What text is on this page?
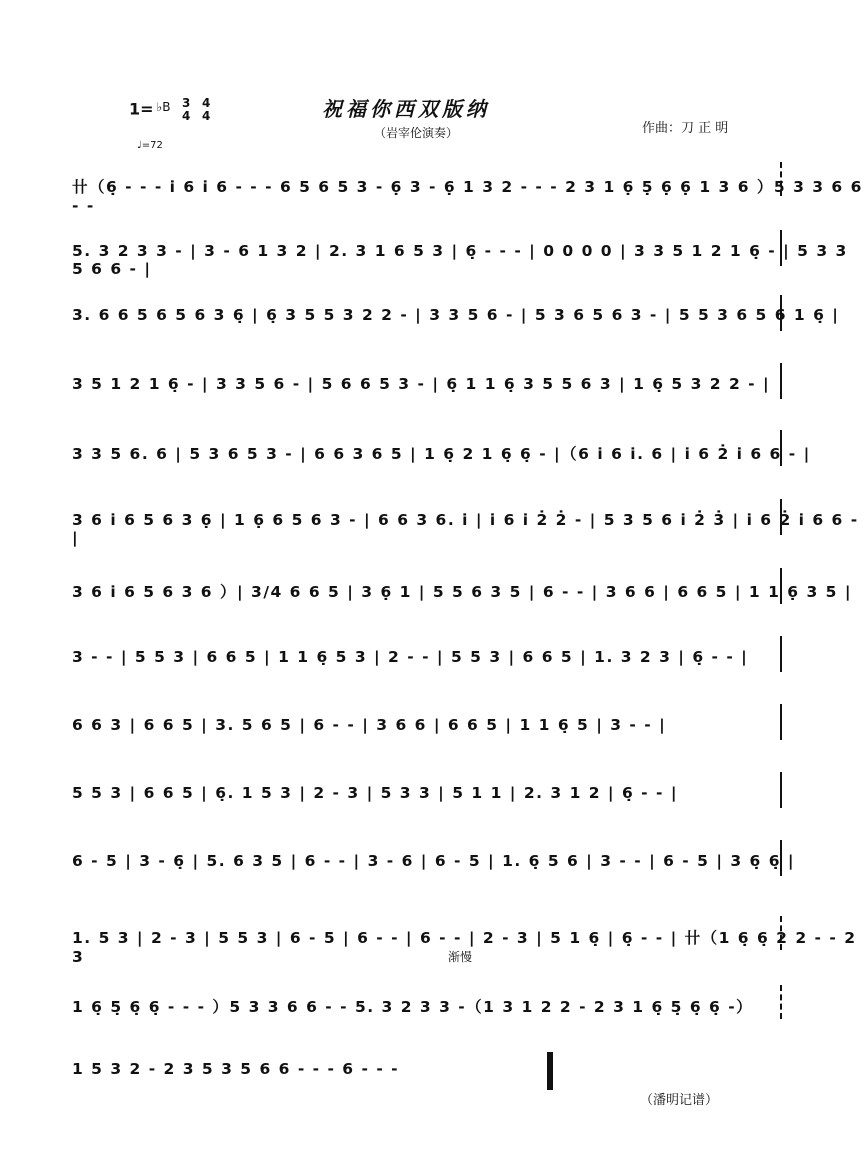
1= $^{♭B}$ 3
4

4
4
♩=72
祝福你西双版纳
（岩宰伦演奏）	作曲：刀 正 明
卄（6̣ - - - i̇ 6 i̇ 6 - - - 6 5 6 5 3 - 6̣ 3 - 6̣ 1 3 2 - - - 2 3 1 6̣ 5̣ 6̣ 6̣ 1 3 6 ）5 3 3 6 6 - -
5. 3 2 3 3 - | 3 - 6 1 3 2 | 2. 3 1 6 5 3 | 6̣ - - - | 0 0 0 0 | 3 3 5 1 2 1 6̣ - | 5 3 3 5 6 6 - |
3. 6 6 5 6 5 6 3 6̣ | 6̣ 3 5 5 3 2 2 - | 3 3 5 6 - | 5 3 6 5 6 3 - | 5 5 3 6 5 6 1 6̣ |
3 5 1 2 1 6̣ - | 3 3 5 6 - | 5 6 6 5 3 - | 6̣ 1 1 6̣ 3 5 5 6 3 | 1 6̣ 5 3 2 2 - |
3 3 5 6. 6 | 5 3 6 5 3 - | 6 6 3 6 5 | 1 6̣ 2 1 6̣ 6̣ - |（6 i̇ 6 i̇. 6 | i̇ 6 2̇ i̇ 6 6 - |
3 6 i̇ 6 5 6 3 6̣ | 1 6̣ 6 5 6 3 - | 6 6 3 6. i̇ | i̇ 6 i̇ 2̇ 2̇ - | 5 3 5 6 i̇ 2̇ 3̇ | i̇ 6 2̇ i̇ 6 6 - |
3 6 i̇ 6 5 6 3 6 ）| 3/4 6 6 5 | 3 6̣ 1 | 5 5 6 3 5 | 6 - - | 3 6 6 | 6 6 5 | 1 1 6̣ 3 5 |
3 - - | 5 5 3 | 6 6 5 | 1 1 6̣ 5 3 | 2 - - | 5 5 3 | 6 6 5 | 1. 3 2 3 | 6̣ - - |
6 6 3 | 6 6 5 | 3. 5 6 5 | 6 - - | 3 6 6 | 6 6 5 | 1 1 6̣ 5 | 3 - - |
5 5 3 | 6 6 5 | 6̣. 1 5 3 | 2 - 3 | 5 3 3 | 5 1 1 | 2. 3 1 2 | 6̣ - - |
6 - 5 | 3 - 6̣ | 5. 6 3 5 | 6 - - | 3 - 6 | 6 - 5 | 1. 6̣ 5 6 | 3 - - | 6 - 5 | 3 6̣ 6̣ |
1. 5 3 | 2 - 3 | 5 5 3 | 6 - 5 | 6 - - | 6 - - | 2 - 3 | 5 1 6̣ | 6̣ - - | 卄（1 6̣ 6̣ 2 2 - - 2 3
1 6̣ 5̣ 6̣ 6̣ - - - ）5 3 3 6 6 - - 5. 3 2 3 3 -（1 3 1 2 2 - 2 3 1 6̣ 5̣ 6̣ 6̣ -）
1 5 3 2 - 2 3 5 3 5 6 6 - - - 6 - - -
渐慢
（潘明记谱）
